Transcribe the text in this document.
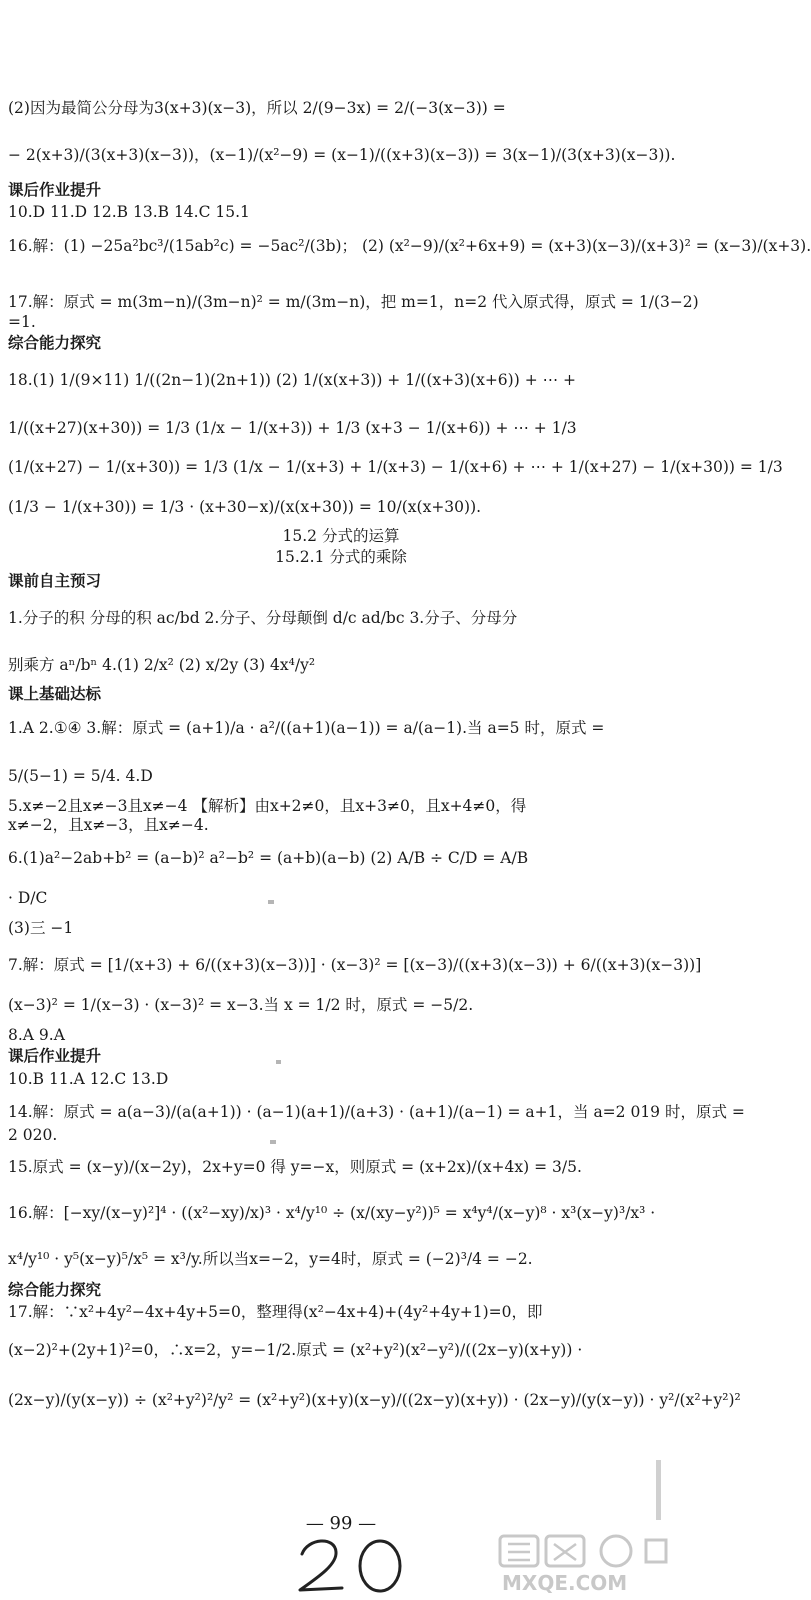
(2)因为最简公分母为3(x+3)(x−3)，所以 2/(9−3x) = 2/(−3(x−3)) =
− 2(x+3)/(3(x+3)(x−3))，(x−1)/(x²−9) = (x−1)/((x+3)(x−3)) = 3(x−1)/(3(x+3)(x−3)).
课后作业提升
10.D 11.D 12.B 13.B 14.C 15.1
16.解：(1) −25a²bc³/(15ab²c) = −5ac²/(3b)； (2) (x²−9)/(x²+6x+9) = (x+3)(x−3)/(x+3)² = (x−3)/(x+3).
17.解：原式 = m(3m−n)/(3m−n)² = m/(3m−n)，把 m=1，n=2 代入原式得，原式 = 1/(3−2)
=1.
综合能力探究
18.(1) 1/(9×11) 1/((2n−1)(2n+1)) (2) 1/(x(x+3)) + 1/((x+3)(x+6)) + ⋯ +
1/((x+27)(x+30)) = 1/3 (1/x − 1/(x+3)) + 1/3 (x+3 − 1/(x+6)) + ⋯ + 1/3
(1/(x+27) − 1/(x+30)) = 1/3 (1/x − 1/(x+3) + 1/(x+3) − 1/(x+6) + ⋯ + 1/(x+27) − 1/(x+30)) = 1/3
(1/3 − 1/(x+30)) = 1/3 · (x+30−x)/(x(x+30)) = 10/(x(x+30)).
15.2 分式的运算
15.2.1 分式的乘除
课前自主预习
1.分子的积 分母的积 ac/bd 2.分子、分母颠倒 d/c ad/bc 3.分子、分母分
别乘方 aⁿ/bⁿ 4.(1) 2/x² (2) x/2y (3) 4x⁴/y²
课上基础达标
1.A 2.①④ 3.解：原式 = (a+1)/a · a²/((a+1)(a−1)) = a/(a−1).当 a=5 时，原式 =
5/(5−1) = 5/4. 4.D
5.x≠−2且x≠−3且x≠−4 【解析】由x+2≠0，且x+3≠0，且x+4≠0，得
x≠−2，且x≠−3，且x≠−4.
6.(1)a²−2ab+b² = (a−b)² a²−b² = (a+b)(a−b) (2) A/B ÷ C/D = A/B
· D/C
(3)三 −1
7.解：原式 = [1/(x+3) + 6/((x+3)(x−3))] · (x−3)² = [(x−3)/((x+3)(x−3)) + 6/((x+3)(x−3))]
(x−3)² = 1/(x−3) · (x−3)² = x−3.当 x = 1/2 时，原式 = −5/2.
8.A 9.A
课后作业提升
10.B 11.A 12.C 13.D
14.解：原式 = a(a−3)/(a(a+1)) · (a−1)(a+1)/(a+3) · (a+1)/(a−1) = a+1，当 a=2 019 时，原式 =
2 020.
15.原式 = (x−y)/(x−2y)，2x+y=0 得 y=−x，则原式 = (x+2x)/(x+4x) = 3/5.
16.解：[−xy/(x−y)²]⁴ · ((x²−xy)/x)³ · x⁴/y¹⁰ ÷ (x/(xy−y²))⁵ = x⁴y⁴/(x−y)⁸ · x³(x−y)³/x³ ·
x⁴/y¹⁰ · y⁵(x−y)⁵/x⁵ = x³/y.所以当x=−2，y=4时，原式 = (−2)³/4 = −2.
综合能力探究
17.解：∵x²+4y²−4x+4y+5=0，整理得(x²−4x+4)+(4y²+4y+1)=0，即
(x−2)²+(2y+1)²=0，∴x=2，y=−1/2.原式 = (x²+y²)(x²−y²)/((2x−y)(x+y)) ·
(2x−y)/(y(x−y)) ÷ (x²+y²)²/y² = (x²+y²)(x+y)(x−y)/((2x−y)(x+y)) · (2x−y)/(y(x−y)) · y²/(x²+y²)²
— 99 —
MXQE.COM
